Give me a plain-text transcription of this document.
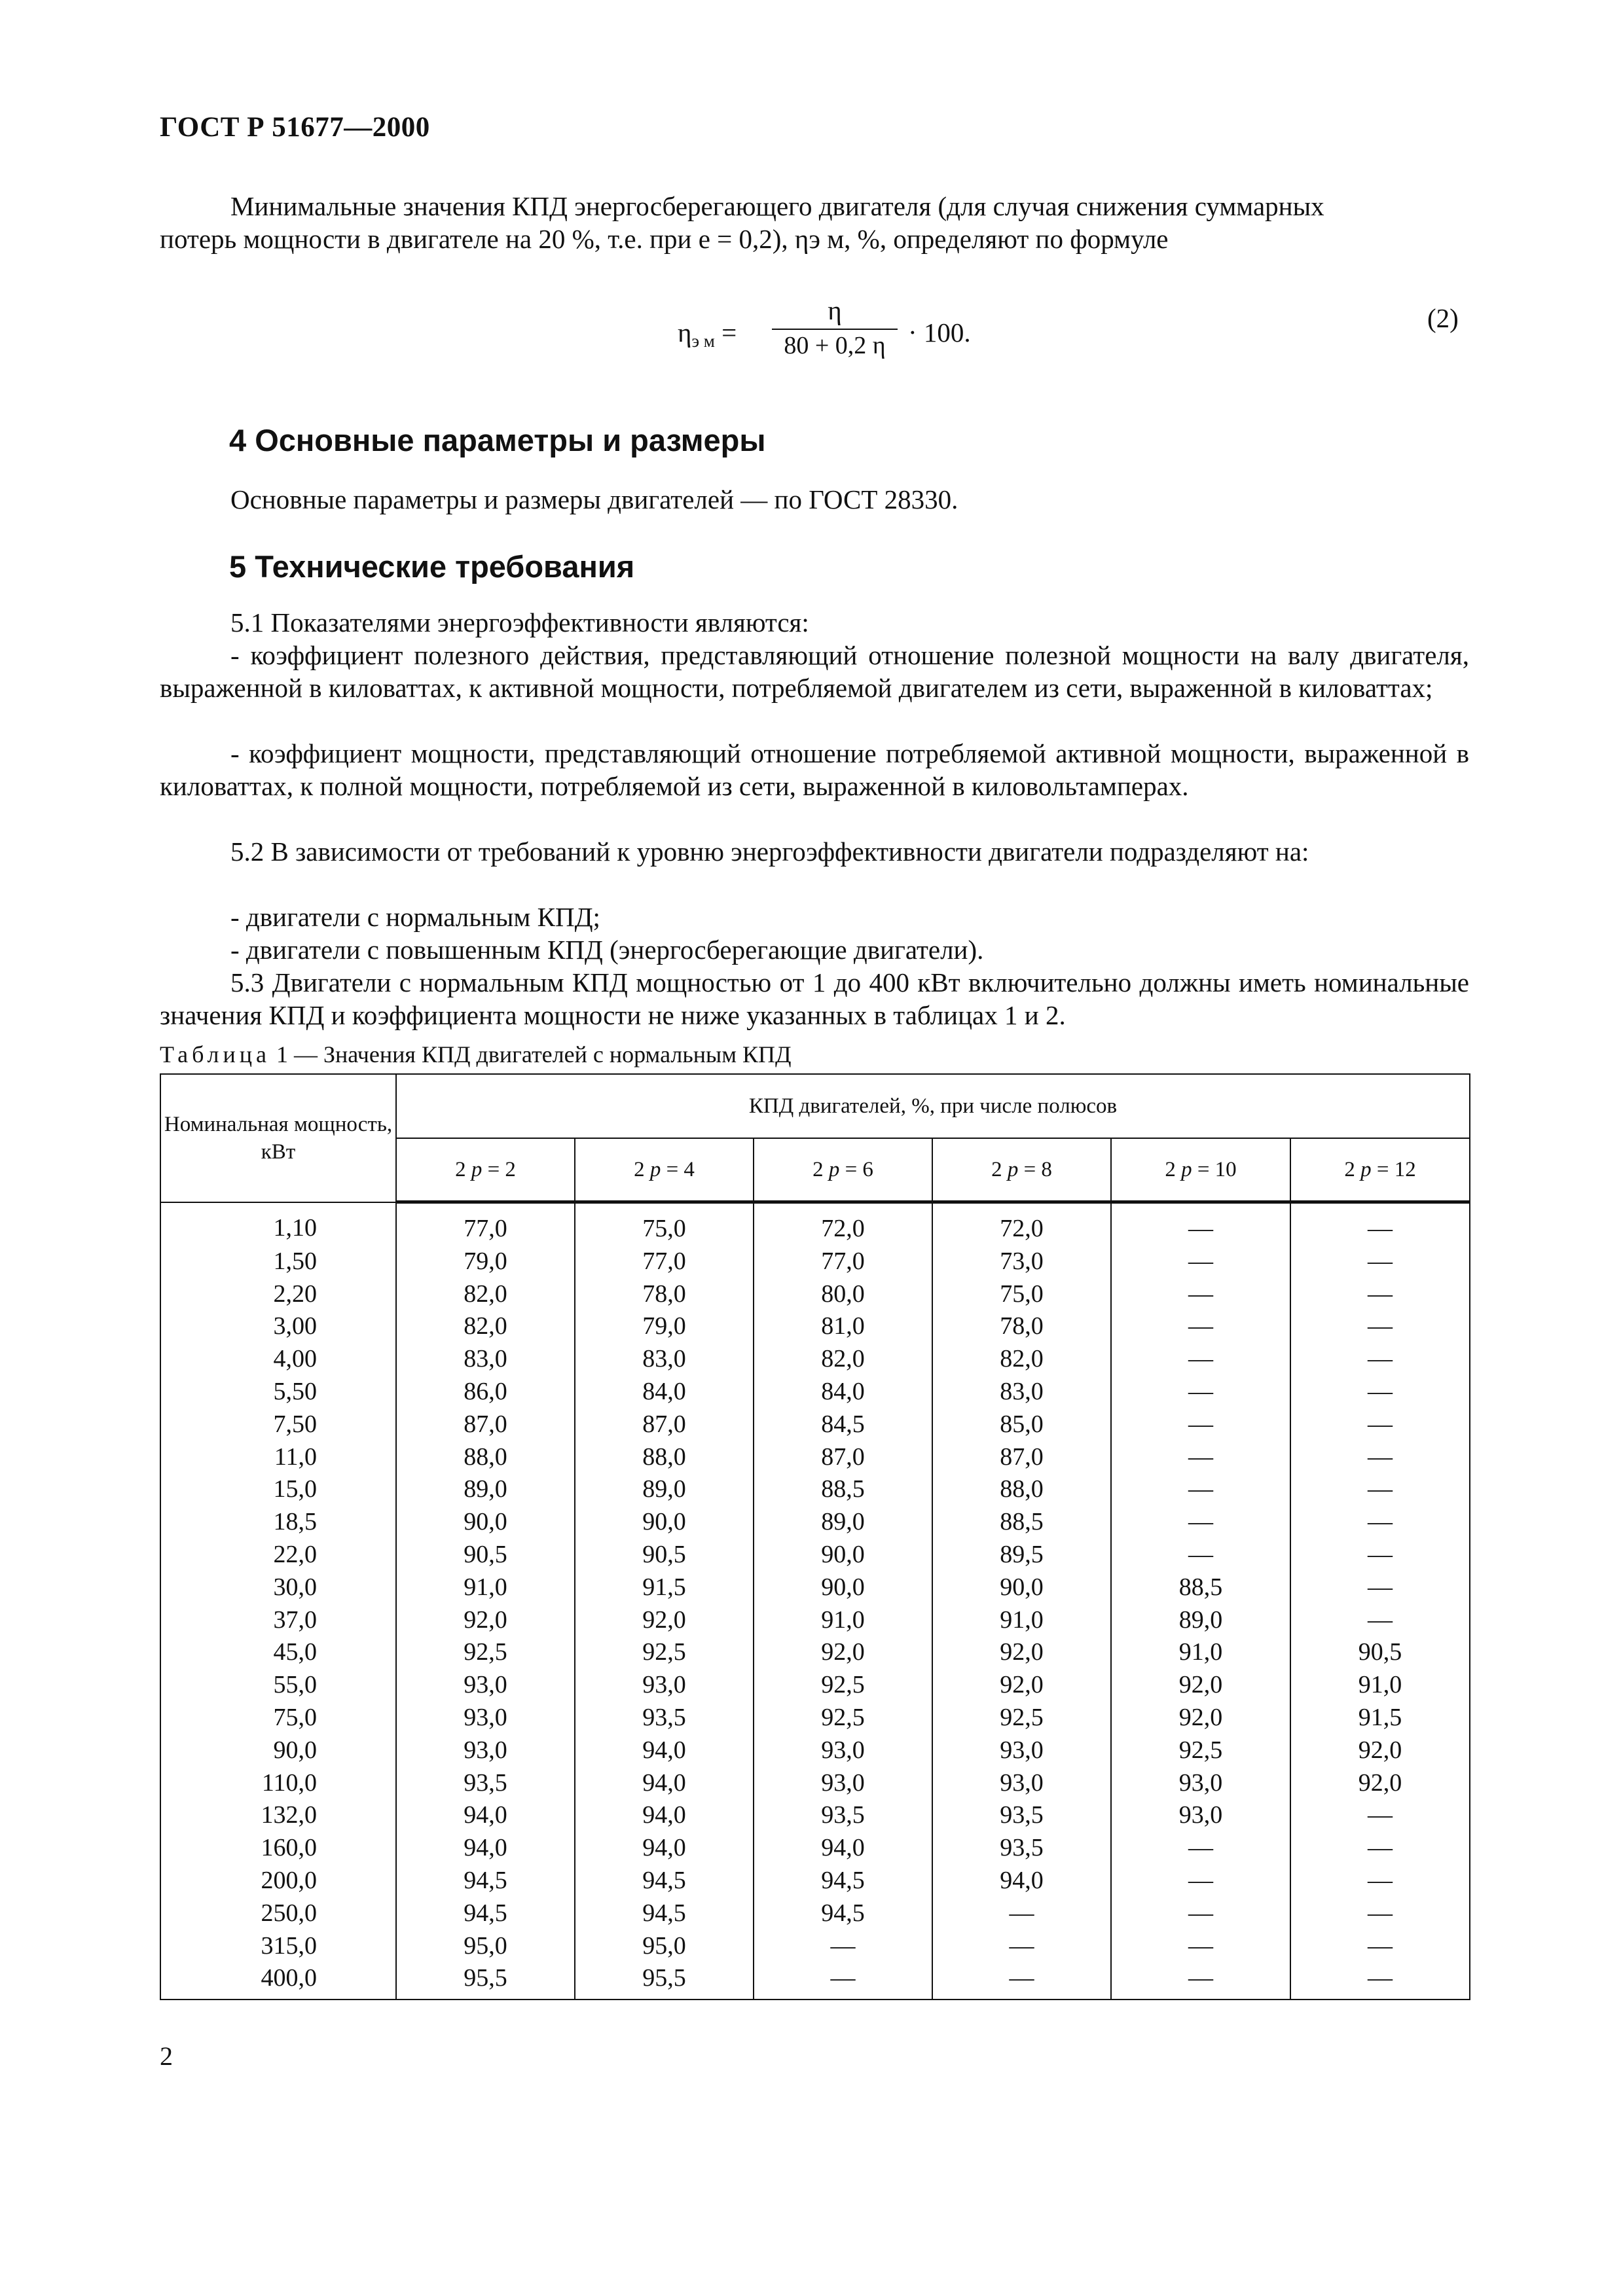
ГОСТ Р 51677—2000
Минимальные значения КПД энергосберегающего двигателя (для случая снижения суммарных
потерь мощности в двигателе на 20 %, т.е. при e = 0,2), ηэ м, %, определяют по формуле
$\eta_{э м}$ =
η
80 + 0,2 η · 100.	(2)
4 Основные параметры и размеры
Основные параметры и размеры двигателей — по ГОСТ 28330.
5 Технические требования
5.1 Показателями энергоэффективности являются:
- коэффициент полезного действия, представляющий отношение полезной мощности на валу двигателя, выраженной в киловаттах, к активной мощности, потребляемой двигателем из сети, выраженной в киловаттах;
- коэффициент мощности, представляющий отношение потребляемой активной мощности, выраженной в киловаттах, к полной мощности, потребляемой из сети, выраженной в киловольтамперах.
5.2 В зависимости от требований к уровню энергоэффективности двигатели подразделяют на:
- двигатели с нормальным КПД;
- двигатели с повышенным КПД (энергосберегающие двигатели).
5.3 Двигатели с нормальным КПД мощностью от 1 до 400 кВт включительно должны иметь номинальные значения КПД и коэффициента мощности не ниже указанных в таблицах 1 и 2.
Таблица 1 — Значения КПД двигателей с нормальным КПД
Номинальная мощность, кВт	КПД двигателей, %, при числе полюсов					
	2 p = 2	2 p = 4	2 p = 6	2 p = 8	2 p = 10	2 p = 12
1,10	77,0	75,0	72,0	72,0	—	—
1,50	79,0	77,0	77,0	73,0	—	—
2,20	82,0	78,0	80,0	75,0	—	—
3,00	82,0	79,0	81,0	78,0	—	—
4,00	83,0	83,0	82,0	82,0	—	—
5,50	86,0	84,0	84,0	83,0	—	—
7,50	87,0	87,0	84,5	85,0	—	—
11,0	88,0	88,0	87,0	87,0	—	—
15,0	89,0	89,0	88,5	88,0	—	—
18,5	90,0	90,0	89,0	88,5	—	—
22,0	90,5	90,5	90,0	89,5	—	—
30,0	91,0	91,5	90,0	90,0	88,5	—
37,0	92,0	92,0	91,0	91,0	89,0	—
45,0	92,5	92,5	92,0	92,0	91,0	90,5
55,0	93,0	93,0	92,5	92,0	92,0	91,0
75,0	93,0	93,5	92,5	92,5	92,0	91,5
90,0	93,0	94,0	93,0	93,0	92,5	92,0
110,0	93,5	94,0	93,0	93,0	93,0	92,0
132,0	94,0	94,0	93,5	93,5	93,0	—
160,0	94,0	94,0	94,0	93,5	—	—
200,0	94,5	94,5	94,5	94,0	—	—
250,0	94,5	94,5	94,5	—	—	—
315,0	95,0	95,0	—	—	—	—
400,0	95,5	95,5	—	—	—	—
2
